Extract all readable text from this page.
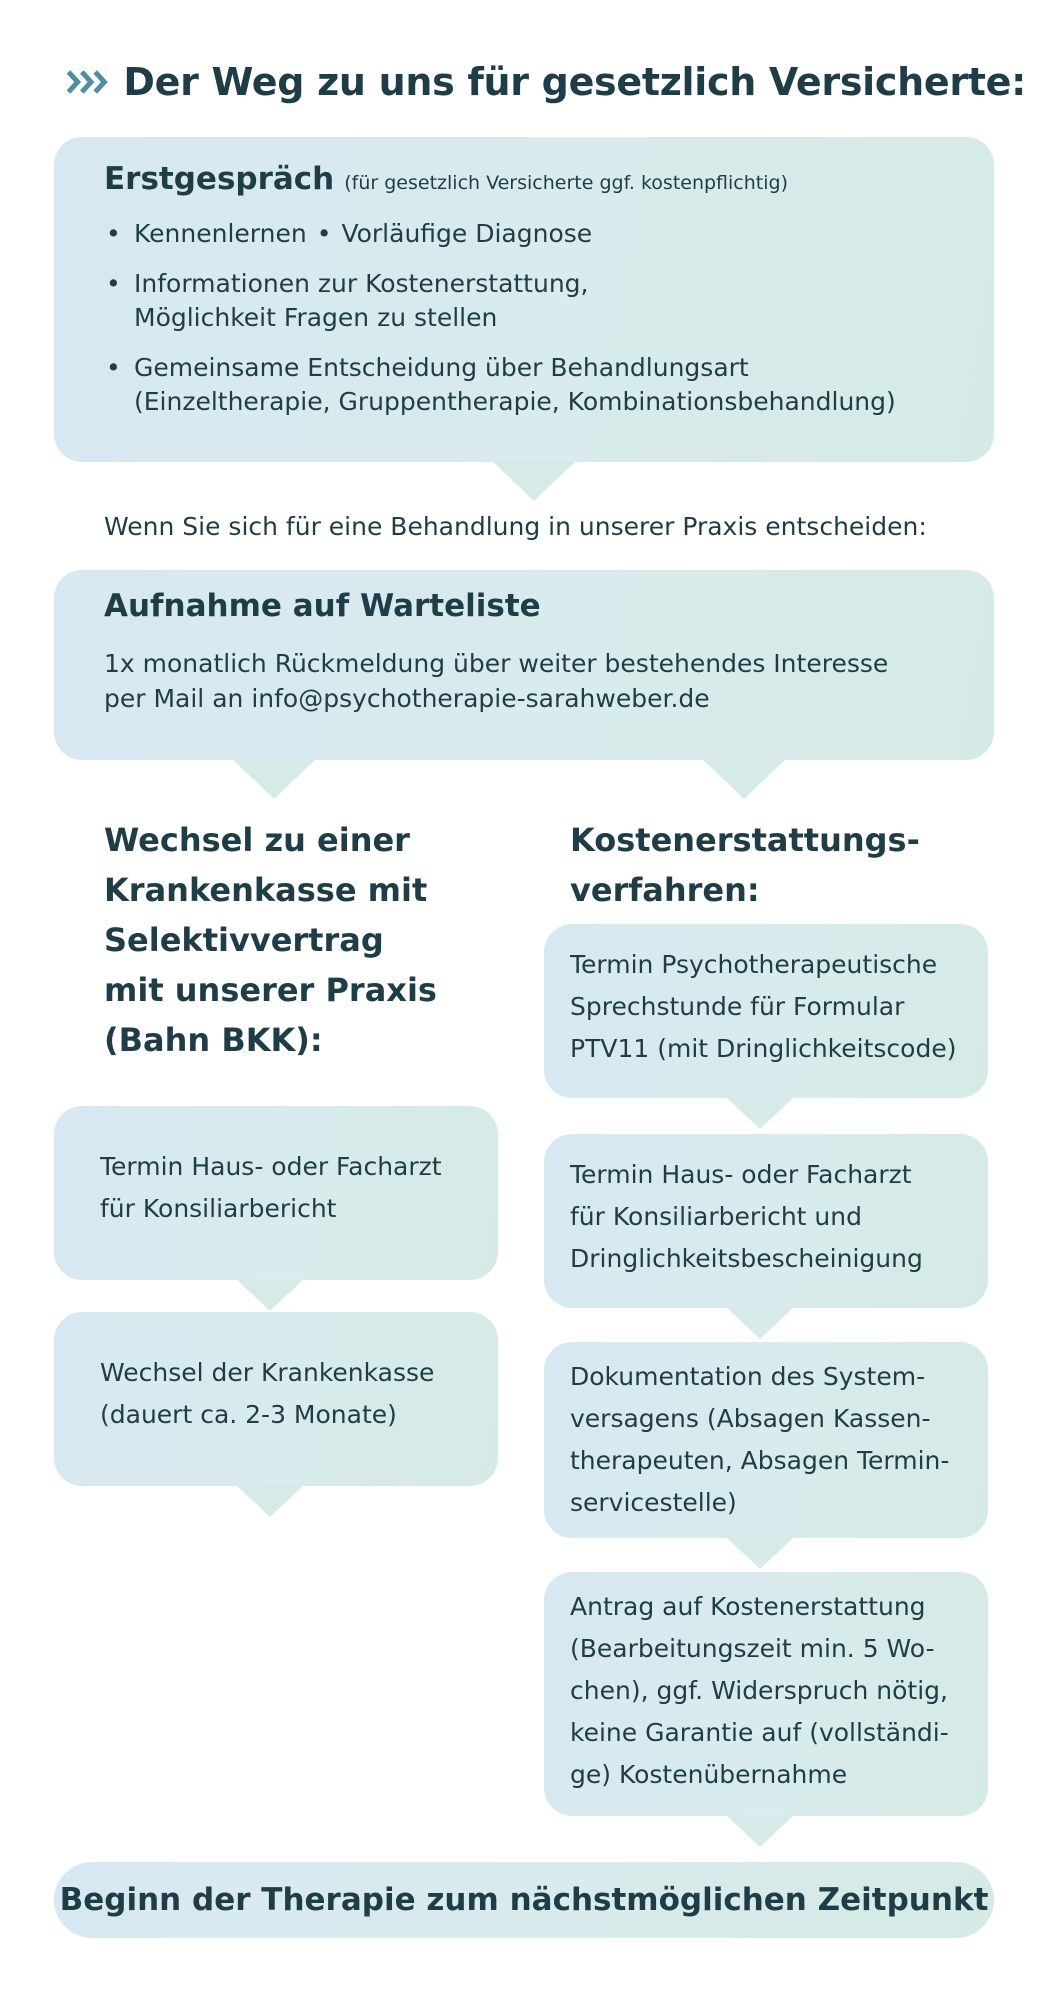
Der Weg zu uns für gesetzlich Versicherte:
Erstgespräch (für gesetzlich Versicherte ggf. kostenpflichtig)
• Kennenlernen • Vorläufige Diagnose
• Informationen zur Kostenerstattung,
Möglichkeit Fragen zu stellen
• Gemeinsame Entscheidung über Behandlungsart
(Einzeltherapie, Gruppentherapie, Kombinationsbehandlung)
Wenn Sie sich für eine Behandlung in unserer Praxis entscheiden:
Aufnahme auf Warteliste
1x monatlich Rückmeldung über weiter bestehendes Interesse
per Mail an info@psychotherapie-sarahweber.de
Wechsel zu einer
Krankenkasse mit
Selektivvertrag
mit unserer Praxis
(Bahn BKK):
Kostenerstattungs-
verfahren:
Termin Haus- oder Facharzt
für Konsiliarbericht
Wechsel der Krankenkasse
(dauert ca. 2-3 Monate)
Termin Psychotherapeutische
Sprechstunde für Formular
PTV11 (mit Dringlichkeitscode)
Termin Haus- oder Facharzt
für Konsiliarbericht und
Dringlichkeitsbescheinigung
Dokumentation des System-
versagens (Absagen Kassen-
therapeuten, Absagen Termin-
servicestelle)
Antrag auf Kostenerstattung
(Bearbeitungszeit min. 5 Wo-
chen), ggf. Widerspruch nötig,
keine Garantie auf (vollständi-
ge) Kostenübernahme
Beginn der Therapie zum nächstmöglichen Zeitpunkt
